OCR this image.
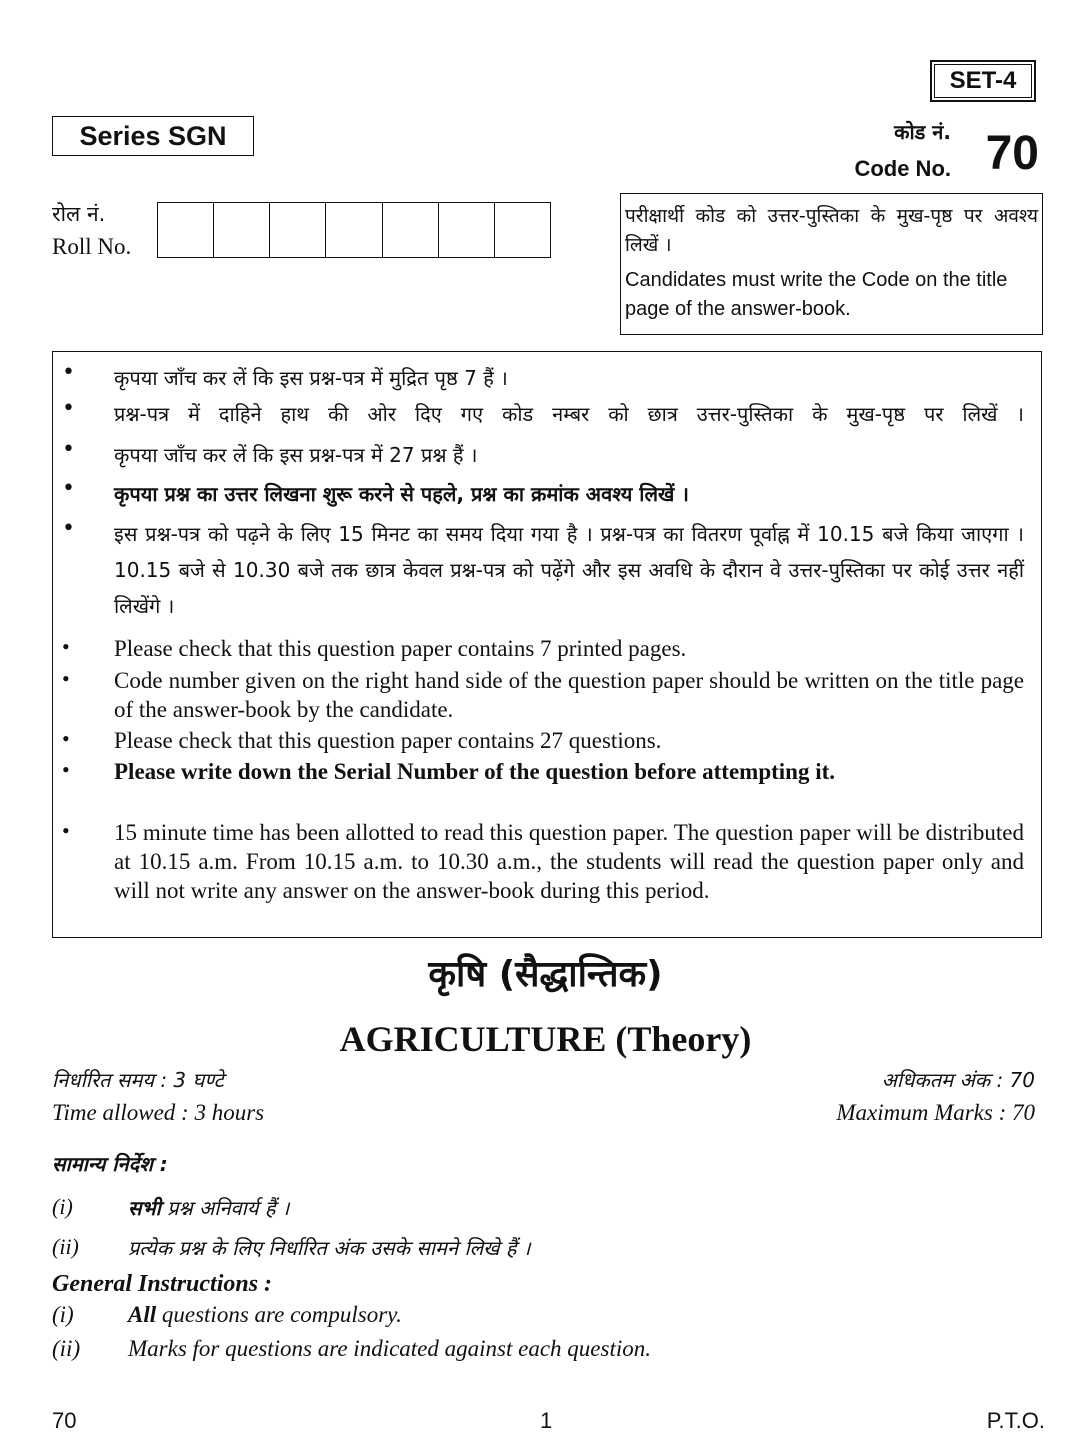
SET-4
Series SGN	कोड नं.
Code No. 70
रोल नं.
Roll No.
परीक्षार्थी कोड को उत्तर-पुस्तिका के मुख-पृष्ठ पर अवश्य लिखें ।
Candidates must write the Code on the title page of the answer-book.
• कृपया जाँच कर लें कि इस प्रश्न-पत्र में मुद्रित पृष्ठ 7 हैं ।
• प्रश्न-पत्र में दाहिने हाथ की ओर दिए गए कोड नम्बर को छात्र उत्तर-पुस्तिका के मुख-पृष्ठ पर लिखें ।
• कृपया जाँच कर लें कि इस प्रश्न-पत्र में 27 प्रश्न हैं ।
• कृपया प्रश्न का उत्तर लिखना शुरू करने से पहले, प्रश्न का क्रमांक अवश्य लिखें ।
• इस प्रश्न-पत्र को पढ़ने के लिए 15 मिनट का समय दिया गया है । प्रश्न-पत्र का वितरण पूर्वाह्न में 10.15 बजे किया जाएगा । 10.15 बजे से 10.30 बजे तक छात्र केवल प्रश्न-पत्र को पढ़ेंगे और इस अवधि के दौरान वे उत्तर-पुस्तिका पर कोई उत्तर नहीं लिखेंगे ।
• Please check that this question paper contains 7 printed pages.
• Code number given on the right hand side of the question paper should be written on the title page of the answer-book by the candidate.
• Please check that this question paper contains 27 questions.
• Please write down the Serial Number of the question before attempting it.
• 15 minute time has been allotted to read this question paper. The question paper will be distributed at 10.15 a.m. From 10.15 a.m. to 10.30 a.m., the students will read the question paper only and will not write any answer on the answer-book during this period.
कृषि (सैद्धान्तिक)
AGRICULTURE (Theory)
निर्धारित समय : 3 घण्टे	अधिकतम अंक : 70
Time allowed : 3 hours	Maximum Marks : 70
सामान्य निर्देश :
(i)	सभी प्रश्न अनिवार्य हैं ।
(ii) प्रत्येक प्रश्न के लिए निर्धारित अंक उसके सामने लिखे हैं ।
General Instructions :
(i) All questions are compulsory.
(ii) Marks for questions are indicated against each question.
70	1	P.T.O.
